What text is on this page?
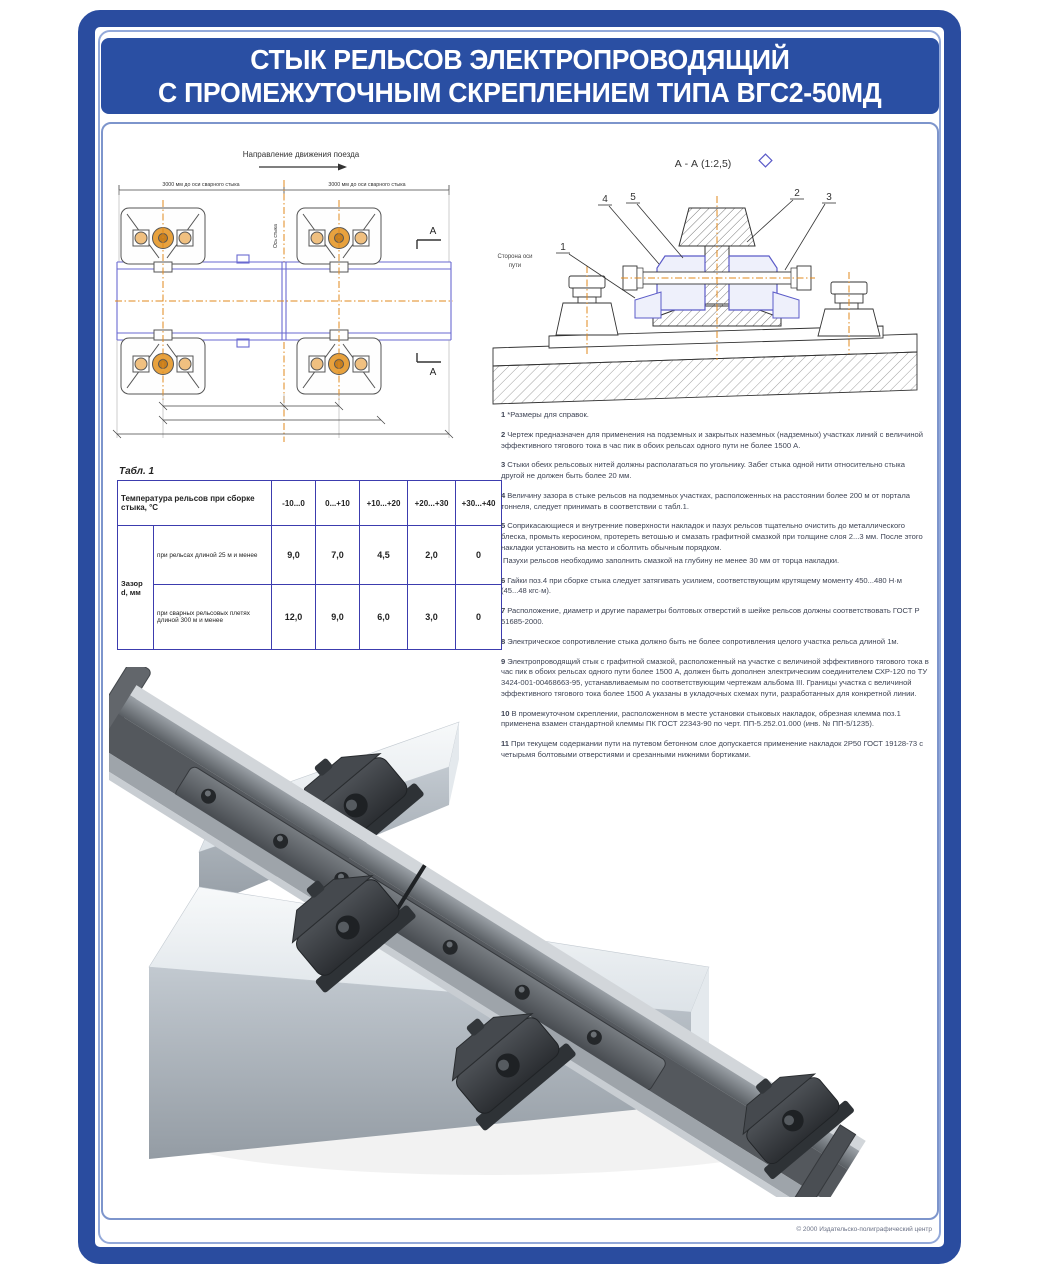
СТЫК РЕЛЬСОВ ЭЛЕКТРОПРОВОДЯЩИЙ
С ПРОМЕЖУТОЧНЫМ СКРЕПЛЕНИЕМ ТИПА ВГС2-50МД
Направление движения поезда
3000 мм до оси сварного стыка	3000 мм до оси сварного стыка
А
А
Ось стыка
А - А (1:2,5)
Сторона оси
пути
4 5
1
2	3
Табл. 1
Температура рельсов при сборке стыка, °С		-10...0	0...+10	+10...+20	+20...+30	+30...+40
Зазор d, мм	при рельсах длиной 25 м и менее	9,0	7,0	4,5	2,0	0
	при сварных рельсовых плетях длиной 300 м и менее	12,0	9,0	6,0	3,0	0

1 *Размеры для справок.

2 Чертеж предназначен для применения на подземных и закрытых наземных (надземных) участках линий с величиной эффективного тягового тока в час пик в обоих рельсах одного пути не более 1500 А.

3 Стыки обеих рельсовых нитей должны располагаться по угольнику. Забег стыка одной нити относительно стыка другой не должен быть более 20 мм.

4 Величину зазора в стыке рельсов на подземных участках, расположенных на расстоянии более 200 м от портала тоннеля, следует принимать в соответствии с табл.1.

5 Соприкасающиеся и внутренние поверхности накладок и пазух рельсов тщательно очистить до металлического блеска, промыть керосином, протереть ветошью и смазать графитной смазкой при толщине слоя 2...3 мм. После этого накладки установить на место и сболтить обычным порядком.

Пазухи рельсов необходимо заполнить смазкой на глубину не менее 30 мм от торца накладки.

6 Гайки поз.4 при сборке стыка следует затягивать усилием, соответствующим крутящему моменту 450...480 Н·м (45...48 кгс·м).

7 Расположение, диаметр и другие параметры болтовых отверстий в шейке рельсов должны соответствовать ГОСТ Р 51685-2000.

8 Электрическое сопротивление стыка должно быть не более сопротивления целого участка рельса длиной 1м.

9 Электропроводящий стык с графитной смазкой, расположенный на участке с величиной эффективного тягового тока в час пик в обоих рельсах одного пути более 1500 А, должен быть дополнен электрическим соединителем СХР-120 по ТУ 3424-001-00468663-95, устанавливаемым по соответствующим чертежам альбома III. Границы участка с величиной эффективного тягового тока более 1500 А указаны в укладочных схемах пути, разработанных для конкретной линии.

10 В промежуточном скреплении, расположенном в месте установки стыковых накладок, обрезная клемма поз.1 применена взамен стандартной клеммы ПК ГОСТ 22343-90 по черт. ПП-5.252.01.000 (инв. № ПП-5/1235).

11 При текущем содержании пути на путевом бетонном слое допускается применение накладок 2Р50 ГОСТ 19128-73 с четырьмя болтовыми отверстиями и срезанными нижними бортиками.

© 2000 Издательско-полиграфический центр
